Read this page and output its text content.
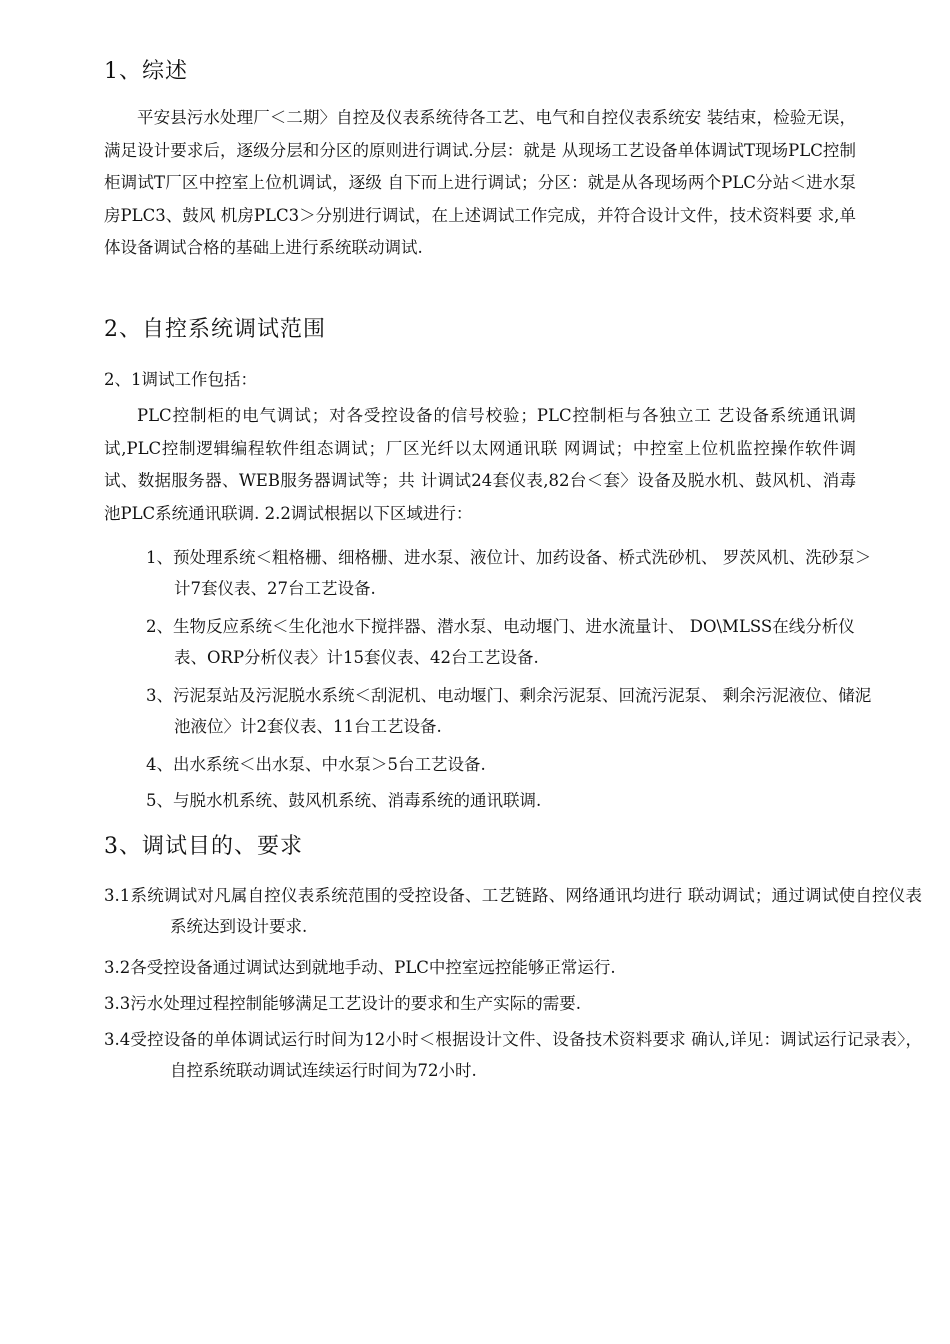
1、综述

平安县污水处理厂＜二期〉自控及仪表系统待各工艺、电气和自控仪表系统安 装结束，检验无误，满足设计要求后，逐级分层和分区的原则进行调试.分层：就是 从现场工艺设备单体调试T现场PLC控制柜调试T厂区中控室上位机调试，逐级 自下而上进行调试；分区：就是从各现场两个PLC分站＜进水泵房PLC3、鼓风 机房PLC3＞分别进行调试，在上述调试工作完成，并符合设计文件，技术资料要 求,单体设备调试合格的基础上进行系统联动调试.

2、自控系统调试范围

2、1调试工作包括：

PLC控制柜的电气调试；对各受控设备的信号校验；PLC控制柜与各独立工 艺设备系统通讯调试,PLC控制逻辑编程软件组态调试；厂区光纤以太网通讯联 网调试；中控室上位机监控操作软件调试、数据服务器、WEB服务器调试等；共 计调试24套仪表,82台＜套〉设备及脱水机、鼓风机、消毒池PLC系统通讯联调. 2.2调试根据以下区域进行：

1、预处理系统＜粗格栅、细格栅、进水泵、液位计、加药设备、桥式洗砂机、 罗茨风机、洗砂泵＞计7套仪表、27台工艺设备.

2、生物反应系统＜生化池水下搅拌器、潜水泵、电动堰门、进水流量计、 DO\MLSS在线分析仪表、ORP分析仪表〉计15套仪表、42台工艺设备.

3、污泥泵站及污泥脱水系统＜刮泥机、电动堰门、剩余污泥泵、回流污泥泵、 剩余污泥液位、储泥池液位〉计2套仪表、11台工艺设备.

4、出水系统＜出水泵、中水泵＞5台工艺设备.

5、与脱水机系统、鼓风机系统、消毒系统的通讯联调.

3、调试目的、要求

3.1系统调试对凡属自控仪表系统范围的受控设备、工艺链路、网络通讯均进行 联动调试；通过调试使自控仪表系统达到设计要求.

3.2各受控设备通过调试达到就地手动、PLC中控室远控能够正常运行.

3.3污水处理过程控制能够满足工艺设计的要求和生产实际的需要.

3.4受控设备的单体调试运行时间为12小时＜根据设计文件、设备技术资料要求 确认,详见：调试运行记录表〉，自控系统联动调试连续运行时间为72小时.
